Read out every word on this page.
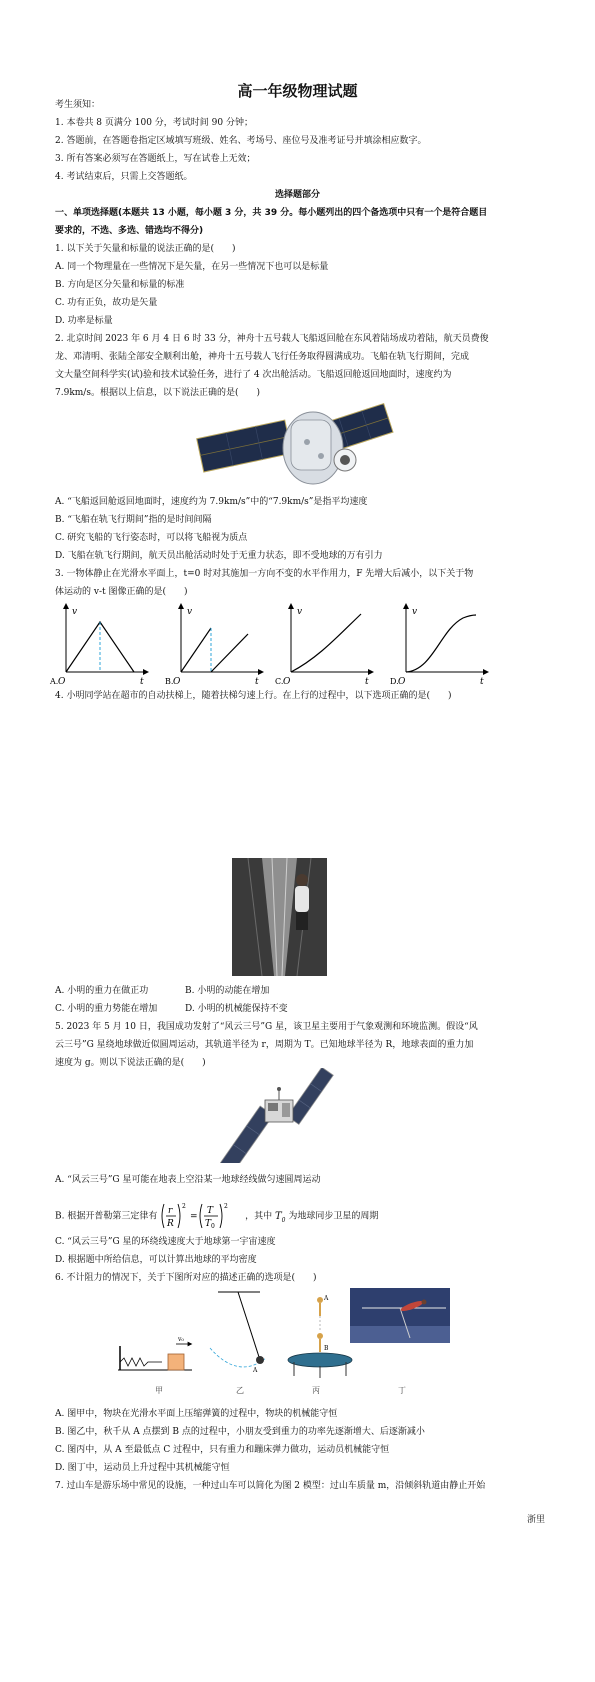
高一年级物理试题
考生须知：
1. 本卷共 8 页满分 100 分，考试时间 90 分钟；
2. 答题前，在答题卷指定区域填写班级、姓名、考场号、座位号及准考证号并填涂相应数字。
3. 所有答案必须写在答题纸上，写在试卷上无效；
4. 考试结束后，只需上交答题纸。
选择题部分
一、单项选择题(本题共 13 小题，每小题 3 分，共 39 分。每小题列出的四个备选项中只有一个是符合题目
要求的，不选、多选、错选均不得分)
1. 以下关于矢量和标量的说法正确的是(　　)
A. 同一个物理量在一些情况下是矢量，在另一些情况下也可以是标量
B. 方向是区分矢量和标量的标准
C. 功有正负，故功是矢量
D. 功率是标量
2. 北京时间 2023 年 6 月 4 日 6 时 33 分，神舟十五号载人飞船返回舱在东风着陆场成功着陆，航天员费俊
龙、邓清明、张陆全部安全顺利出舱，神舟十五号载人飞行任务取得圆满成功。飞船在轨飞行期间，完成
文大量空间科学实(试)验和技术试验任务，进行了 4 次出舱活动。飞船返回舱返回地面时，速度约为
7.9km/s。根据以上信息，以下说法正确的是(　　)
A. “飞船返回舱返回地面时，速度约为 7.9km/s”中的“7.9km/s”是指平均速度
B. “飞船在轨飞行期间”指的是时间间隔
C. 研究飞船的飞行姿态时，可以将飞船视为质点
D. 飞船在轨飞行期间，航天员出舱活动时处于无重力状态，即不受地球的万有引力
3. 一物体静止在光滑水平面上，t=0 时对其施加一方向不变的水平作用力，F 先增大后减小，以下关于物
体运动的 v-t 图像正确的是(　　)
v
t
O
v
t
O
v
t
O
v
t
O
A.	B.	C.	D.
4. 小明同学站在超市的自动扶梯上，随着扶梯匀速上行。在上行的过程中，以下选项正确的是(　　)
A. 小明的重力在做正功	B. 小明的动能在增加
C. 小明的重力势能在增加	D. 小明的机械能保持不变
5. 2023 年 5 月 10 日，我国成功发射了“风云三号”G 星，该卫星主要用于气象观测和环境监测。假设“风
云三号”G 星绕地球做近似圆周运动，其轨道半径为 r，周期为 T。已知地球半径为 R，地球表面的重力加
速度为 g。则以下说法正确的是(　　)
A. “风云三号”G 星可能在地表上空沿某一地球经线做匀速圆周运动
B. 根据开普勒第三定律有
r
R
2
=
T
T 0
2
，其中 $T_0$ 为地球同步卫星的周期
C. “风云三号”G 星的环绕线速度大于地球第一宇宙速度
D. 根据题中所给信息，可以计算出地球的平均密度
6. 不计阻力的情况下，关于下图所对应的描述正确的选项是(　　)
v₀
A
A
B
甲	乙	丙	丁
A. 图甲中，物块在光滑水平面上压缩弹簧的过程中，物块的机械能守恒
B. 图乙中，秋千从 A 点摆到 B 点的过程中，小朋友受到重力的功率先逐渐增大、后逐渐减小
C. 图丙中，从 A 至最低点 C 过程中，只有重力和蹦床弹力做功，运动员机械能守恒
D. 图丁中，运动员上升过程中其机械能守恒
7. 过山车是游乐场中常见的设施，一种过山车可以简化为图 2 模型：过山车质量 m，沿倾斜轨道由静止开始
浙里
